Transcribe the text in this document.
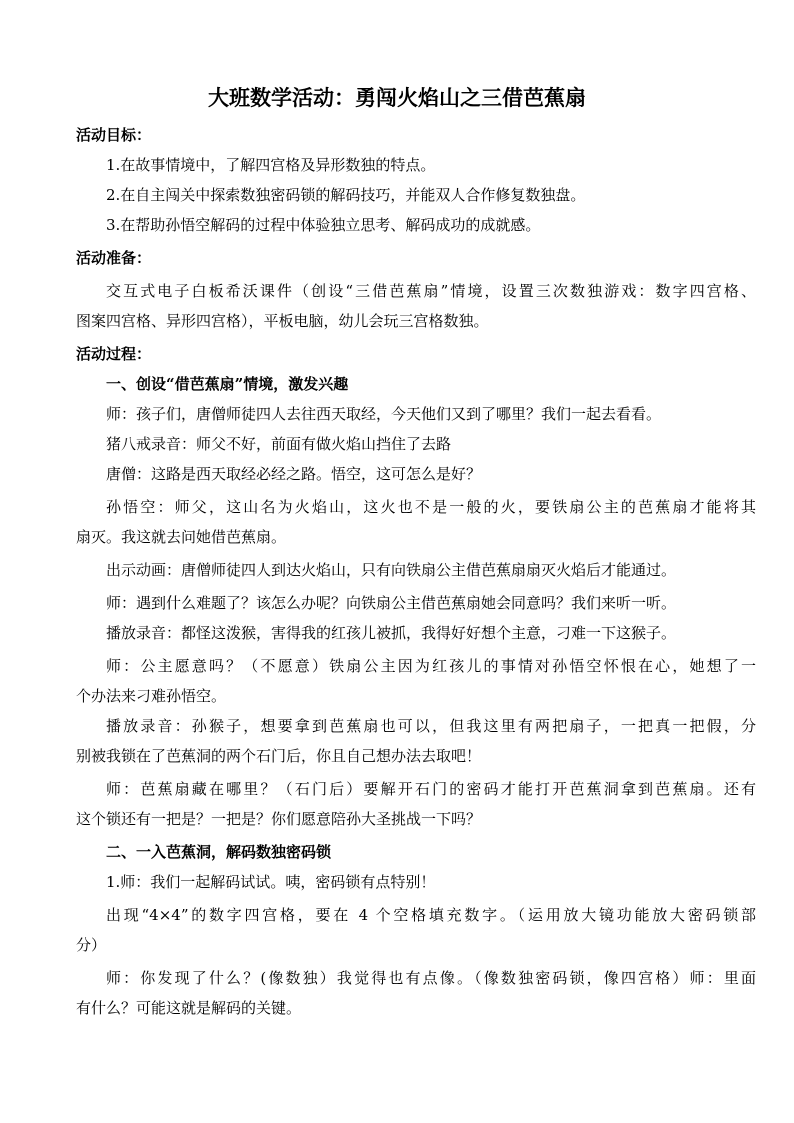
大班数学活动：勇闯火焰山之三借芭蕉扇
活动目标：
1.在故事情境中，了解四宫格及异形数独的特点。
2.在自主闯关中探索数独密码锁的解码技巧，并能双人合作修复数独盘。
3.在帮助孙悟空解码的过程中体验独立思考、解码成功的成就感。
活动准备：
交互式电子白板希沃课件（创设“三借芭蕉扇”情境，设置三次数独游戏：数字四宫格、
图案四宫格、异形四宫格），平板电脑，幼儿会玩三宫格数独。
活动过程：
一、创设“借芭蕉扇”情境，激发兴趣
师：孩子们，唐僧师徒四人去往西天取经，今天他们又到了哪里？我们一起去看看。
猪八戒录音：师父不好，前面有做火焰山挡住了去路
唐僧：这路是西天取经必经之路。悟空，这可怎么是好？
孙悟空：师父，这山名为火焰山，这火也不是一般的火，要铁扇公主的芭蕉扇才能将其
扇灭。我这就去问她借芭蕉扇。
出示动画：唐僧师徒四人到达火焰山，只有向铁扇公主借芭蕉扇扇灭火焰后才能通过。
师：遇到什么难题了？该怎么办呢？向铁扇公主借芭蕉扇她会同意吗？我们来听一听。
播放录音：都怪这泼猴，害得我的红孩儿被抓，我得好好想个主意，刁难一下这猴子。
师：公主愿意吗？（不愿意）铁扇公主因为红孩儿的事情对孙悟空怀恨在心，她想了一
个办法来刁难孙悟空。
播放录音：孙猴子，想要拿到芭蕉扇也可以，但我这里有两把扇子，一把真一把假，分
别被我锁在了芭蕉洞的两个石门后，你且自己想办法去取吧！
师：芭蕉扇藏在哪里？（石门后）要解开石门的密码才能打开芭蕉洞拿到芭蕉扇。还有
这个锁还有一把是？一把是？你们愿意陪孙大圣挑战一下吗？
二、一入芭蕉洞，解码数独密码锁
1.师：我们一起解码试试。咦，密码锁有点特别！
出现“4×4”的数字四宫格，要在 4 个空格填充数字。（运用放大镜功能放大密码锁部
分）
师：你发现了什么？(像数独）我觉得也有点像。（像数独密码锁，像四宫格）师：里面
有什么？可能这就是解码的关键。
